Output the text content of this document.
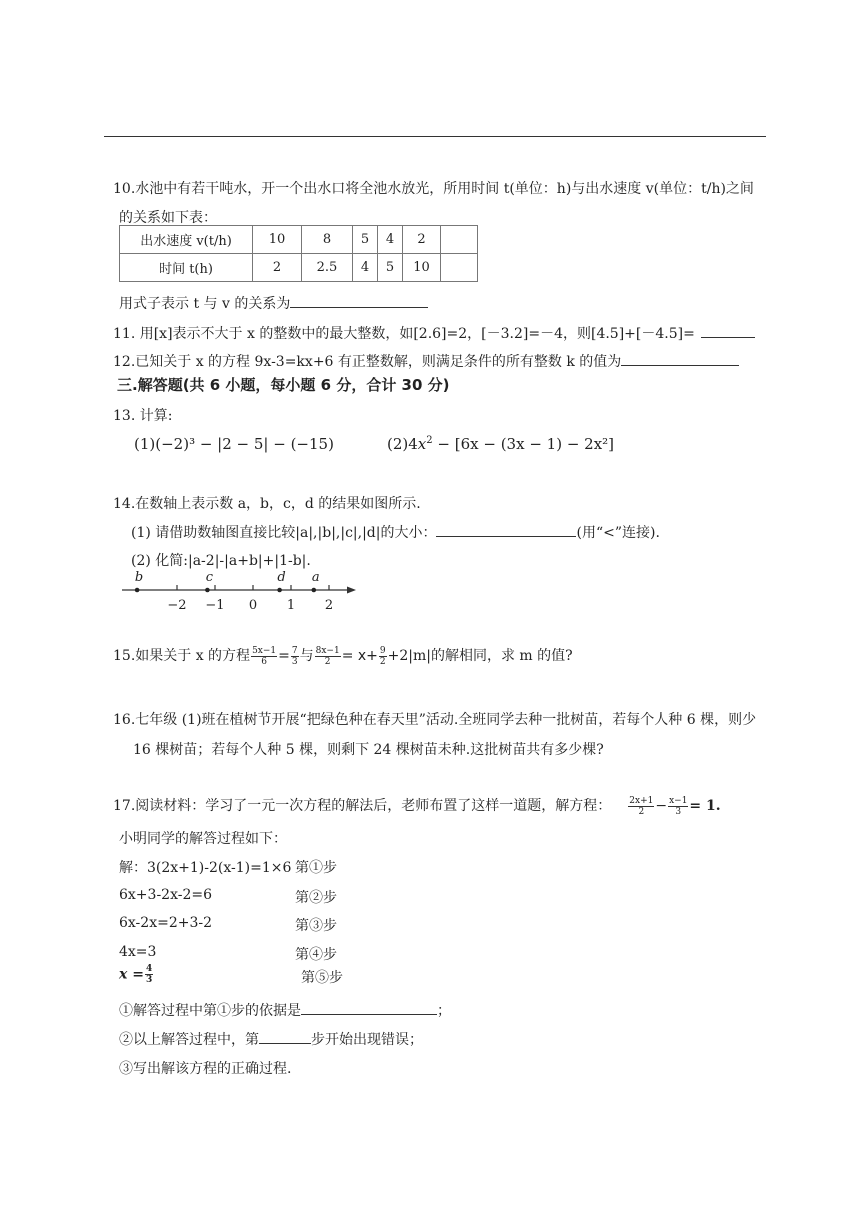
10.水池中有若干吨水，开一个出水口将全池水放光，所用时间 t(单位：h)与出水速度 v(单位：t/h)之间
的关系如下表：
出水速度 v(t/h)	10	8	5	4	2	
时间 t(h)	2	2.5	4	5	10	
用式子表示 t 与 v 的关系为
11. 用[x]表示不大于 x 的整数中的最大整数，如[2.6]=2，[－3.2]=－4，则[4.5]+[－4.5]=
12.已知关于 x 的方程 9x-3=kx+6 有正整数解，则满足条件的所有整数 k 的值为
三.解答题(共 6 小题，每小题 6 分，合计 30 分)
13. 计算:
(1)(−2)³ − |2 − 5| − (−15)	$(2)4x^2 - [6x - (3x - 1) - 2x^2]$
14.在数轴上表示数 a，b，c，d 的结果如图所示.
(1) 请借助数轴图直接比较|a|,|b|,|c|,|d|的大小：	(用“<”连接).
(2) 化简:|a-2|-|a+b|+|1-b|.
−2 −1 0 1 2
b	c	d a
15.如果关于 x 的方程 $\frac{5x-1}{6} = \frac{7}{3}$ 与 $\frac{8x-1}{2} = x+ \frac{9}{2} +2|m|$的解相同，求 m 的值?
16.七年级 (1)班在植树节开展“把绿色种在春天里”活动.全班同学去种一批树苗，若每个人种 6 棵，则少
16 棵树苗；若每个人种 5 棵，则剩下 24 棵树苗未种.这批树苗共有多少棵?
17.阅读材料：学习了一元一次方程的解法后，老师布置了这样一道题，解方程： $\frac{2x+1}{2} - \frac{x-1}{3} = 1$.
小明同学的解答过程如下：
解：3(2x+1)-2(x-1)=1×6 第①步
6x+3-2x-2=6	第②步
6x-2x=2+3-2	第③步
4x=3	第④步
$x = \frac{4}{3}$	第⑤步
①解答过程中第①步的依据是	；
②以上解答过程中，第	步开始出现错误；
③写出解该方程的正确过程.
